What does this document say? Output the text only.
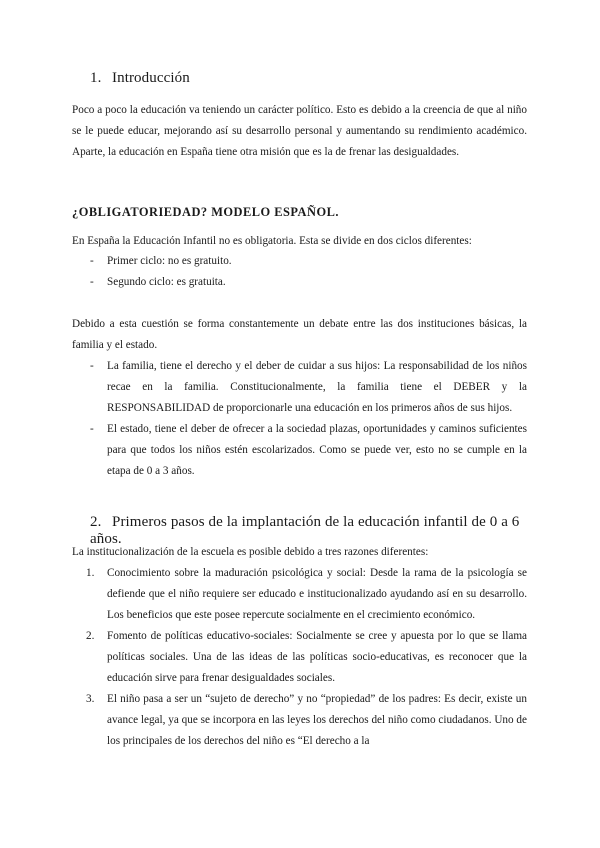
1. Introducción

Poco a poco la educación va teniendo un carácter político. Esto es debido a la creencia de que al niño se le puede educar, mejorando así su desarrollo personal y aumentando su rendimiento académico. Aparte, la educación en España tiene otra misión que es la de frenar las desigualdades.

¿OBLIGATORIEDAD? MODELO ESPAÑOL.

En España la Educación Infantil no es obligatoria. Esta se divide en dos ciclos diferentes:

- Primer ciclo: no es gratuito.
- Segundo ciclo: es gratuita.

Debido a esta cuestión se forma constantemente un debate entre las dos instituciones básicas, la familia y el estado.

- La familia, tiene el derecho y el deber de cuidar a sus hijos: La responsabilidad de los niños recae en la familia. Constitucionalmente, la familia tiene el DEBER y la RESPONSABILIDAD de proporcionarle una educación en los primeros años de sus hijos.
- El estado, tiene el deber de ofrecer a la sociedad plazas, oportunidades y caminos suficientes para que todos los niños estén escolarizados. Como se puede ver, esto no se cumple en la etapa de 0 a 3 años.
2. Primeros pasos de la implantación de la educación infantil de 0 a 6 años.

La institucionalización de la escuela es posible debido a tres razones diferentes:

1. Conocimiento sobre la maduración psicológica y social: Desde la rama de la psicología se defiende que el niño requiere ser educado e institucionalizado ayudando así en su desarrollo. Los beneficios que este posee repercute socialmente en el crecimiento económico.
2. Fomento de políticas educativo-sociales: Socialmente se cree y apuesta por lo que se llama políticas sociales. Una de las ideas de las políticas socio-educativas, es reconocer que la educación sirve para frenar desigualdades sociales.
3. El niño pasa a ser un “sujeto de derecho” y no “propiedad” de los padres: Es decir, existe un avance legal, ya que se incorpora en las leyes los derechos del niño como ciudadanos. Uno de los principales de los derechos del niño es “El derecho a la
